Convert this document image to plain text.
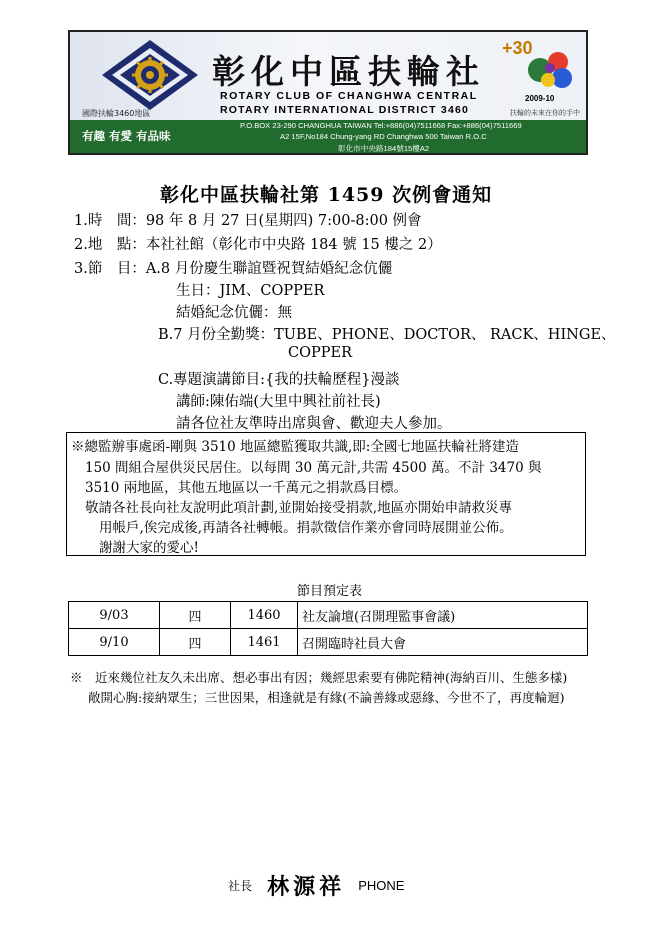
國際扶輪3460地區
彰化中區扶輪社
ROTARY CLUB OF CHANGHWA CENTRAL
ROTARY INTERNATIONAL DISTRICT 3460
+30
2009-10
扶輪的未來在你的手中
有趣 有愛 有品味
P.O.BOX 23-290 CHANGHUA TAIWAN Tel:+886(04)7511668 Fax:+886(04)7511669
A2 15F,No184 Chung-yang RD Changhwa 500 Taiwan R.O.C
彰化市中央路184號15樓A2
彰化中區扶輪社第 1459 次例會通知
1.時　間：98 年 8 月 27 日(星期四) 7:00-8:00 例會
2.地　點：本社社館（彰化市中央路 184 號 15 樓之 2）
3.節　目：A.8 月份慶生聯誼暨祝賀結婚紀念伉儷
生日：JIM、COPPER
結婚紀念伉儷：無
B.7 月份全勤獎：TUBE、PHONE、DOCTOR、 RACK、HINGE、
COPPER
C.專題演講節目:{我的扶輪歷程}漫談
講師:陳佑端(大里中興社前社長)
請各位社友準時出席與會、歡迎夫人參加。
※總監辦事處函-剛與 3510 地區總監獲取共識,即:全國七地區扶輪社將建造
150 間組合屋供災民居住。以每間 30 萬元計,共需 4500 萬。不計 3470 與
3510 兩地區，其他五地區以一千萬元之捐款爲目標。
敬請各社長向社友說明此項計劃,並開始接受捐款,地區亦開始申請救災專
用帳戶,俟完成後,再請各社轉帳。捐款徵信作業亦會同時展開並公佈。
謝謝大家的愛心!
節目預定表
9/03	四	1460	社友論壇(召開理監事會議)
9/10	四	1461	召開臨時社員大會
※　近來幾位社友久未出席、想必事出有因；幾經思索要有佛陀精神(海納百川、生態多樣)
敞開心胸:接納眾生；三世因果，相逢就是有緣(不論善緣或惡緣、今世不了，再度輪迴)
社長 林源祥 PHONE
